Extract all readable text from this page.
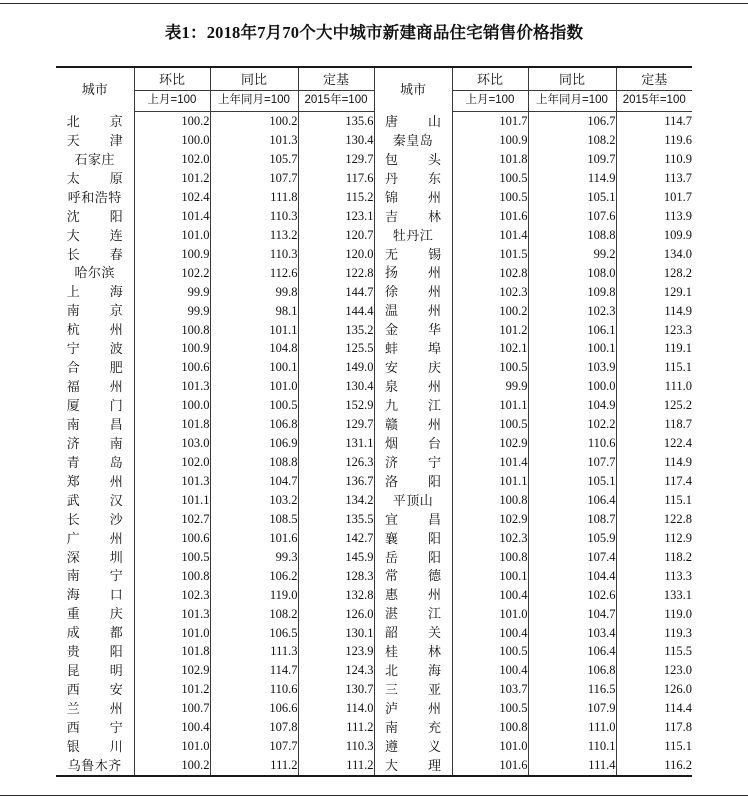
表1：2018年7月70个大中城市新建商品住宅销售价格指数
城市	环比	同比	定基	城市	环比	同比	定基
	上月=100	上年同月=100	2015年=100		上月=100	上年同月=100	2015年=100
北京	100.2	100.2	135.6	唐山	101.7	106.7	114.7
天津	100.0	101.3	130.4	秦皇岛	100.9	108.2	119.6
石家庄	102.0	105.7	129.7	包头	101.8	109.7	110.9
太原	101.2	107.7	117.6	丹东	100.5	114.9	113.7
呼和浩特	102.4	111.8	115.2	锦州	100.5	105.1	101.7
沈阳	101.4	110.3	123.1	吉林	101.6	107.6	113.9
大连	101.0	113.2	120.7	牡丹江	101.4	108.8	109.9
长春	100.9	110.3	120.0	无锡	101.5	99.2	134.0
哈尔滨	102.2	112.6	122.8	扬州	102.8	108.0	128.2
上海	99.9	99.8	144.7	徐州	102.3	109.8	129.1
南京	99.9	98.1	144.4	温州	100.2	102.3	114.9
杭州	100.8	101.1	135.2	金华	101.2	106.1	123.3
宁波	100.9	104.8	125.5	蚌埠	102.1	100.1	119.1
合肥	100.6	100.1	149.0	安庆	100.5	103.9	115.1
福州	101.3	101.0	130.4	泉州	99.9	100.0	111.0
厦门	100.0	100.5	152.9	九江	101.1	104.9	125.2
南昌	101.8	106.8	129.7	赣州	100.5	102.2	118.7
济南	103.0	106.9	131.1	烟台	102.9	110.6	122.4
青岛	102.0	108.8	126.3	济宁	101.4	107.7	114.9
郑州	101.3	104.7	136.7	洛阳	101.1	105.1	117.4
武汉	101.1	103.2	134.2	平顶山	100.8	106.4	115.1
长沙	102.7	108.5	135.5	宜昌	102.9	108.7	122.8
广州	100.6	101.6	142.7	襄阳	102.3	105.9	112.9
深圳	100.5	99.3	145.9	岳阳	100.8	107.4	118.2
南宁	100.8	106.2	128.3	常德	100.1	104.4	113.3
海口	102.3	119.0	132.8	惠州	100.4	102.6	133.1
重庆	101.3	108.2	126.0	湛江	101.0	104.7	119.0
成都	101.0	106.5	130.1	韶关	100.4	103.4	119.3
贵阳	101.8	111.3	123.9	桂林	100.5	106.4	115.5
昆明	102.9	114.7	124.3	北海	100.4	106.8	123.0
西安	101.2	110.6	130.7	三亚	103.7	116.5	126.0
兰州	100.7	106.6	114.0	泸州	100.5	107.9	114.4
西宁	100.4	107.8	111.2	南充	100.8	111.0	117.8
银川	101.0	107.7	110.3	遵义	101.0	110.1	115.1
乌鲁木齐	100.2	111.2	111.2	大理	101.6	111.4	116.2
